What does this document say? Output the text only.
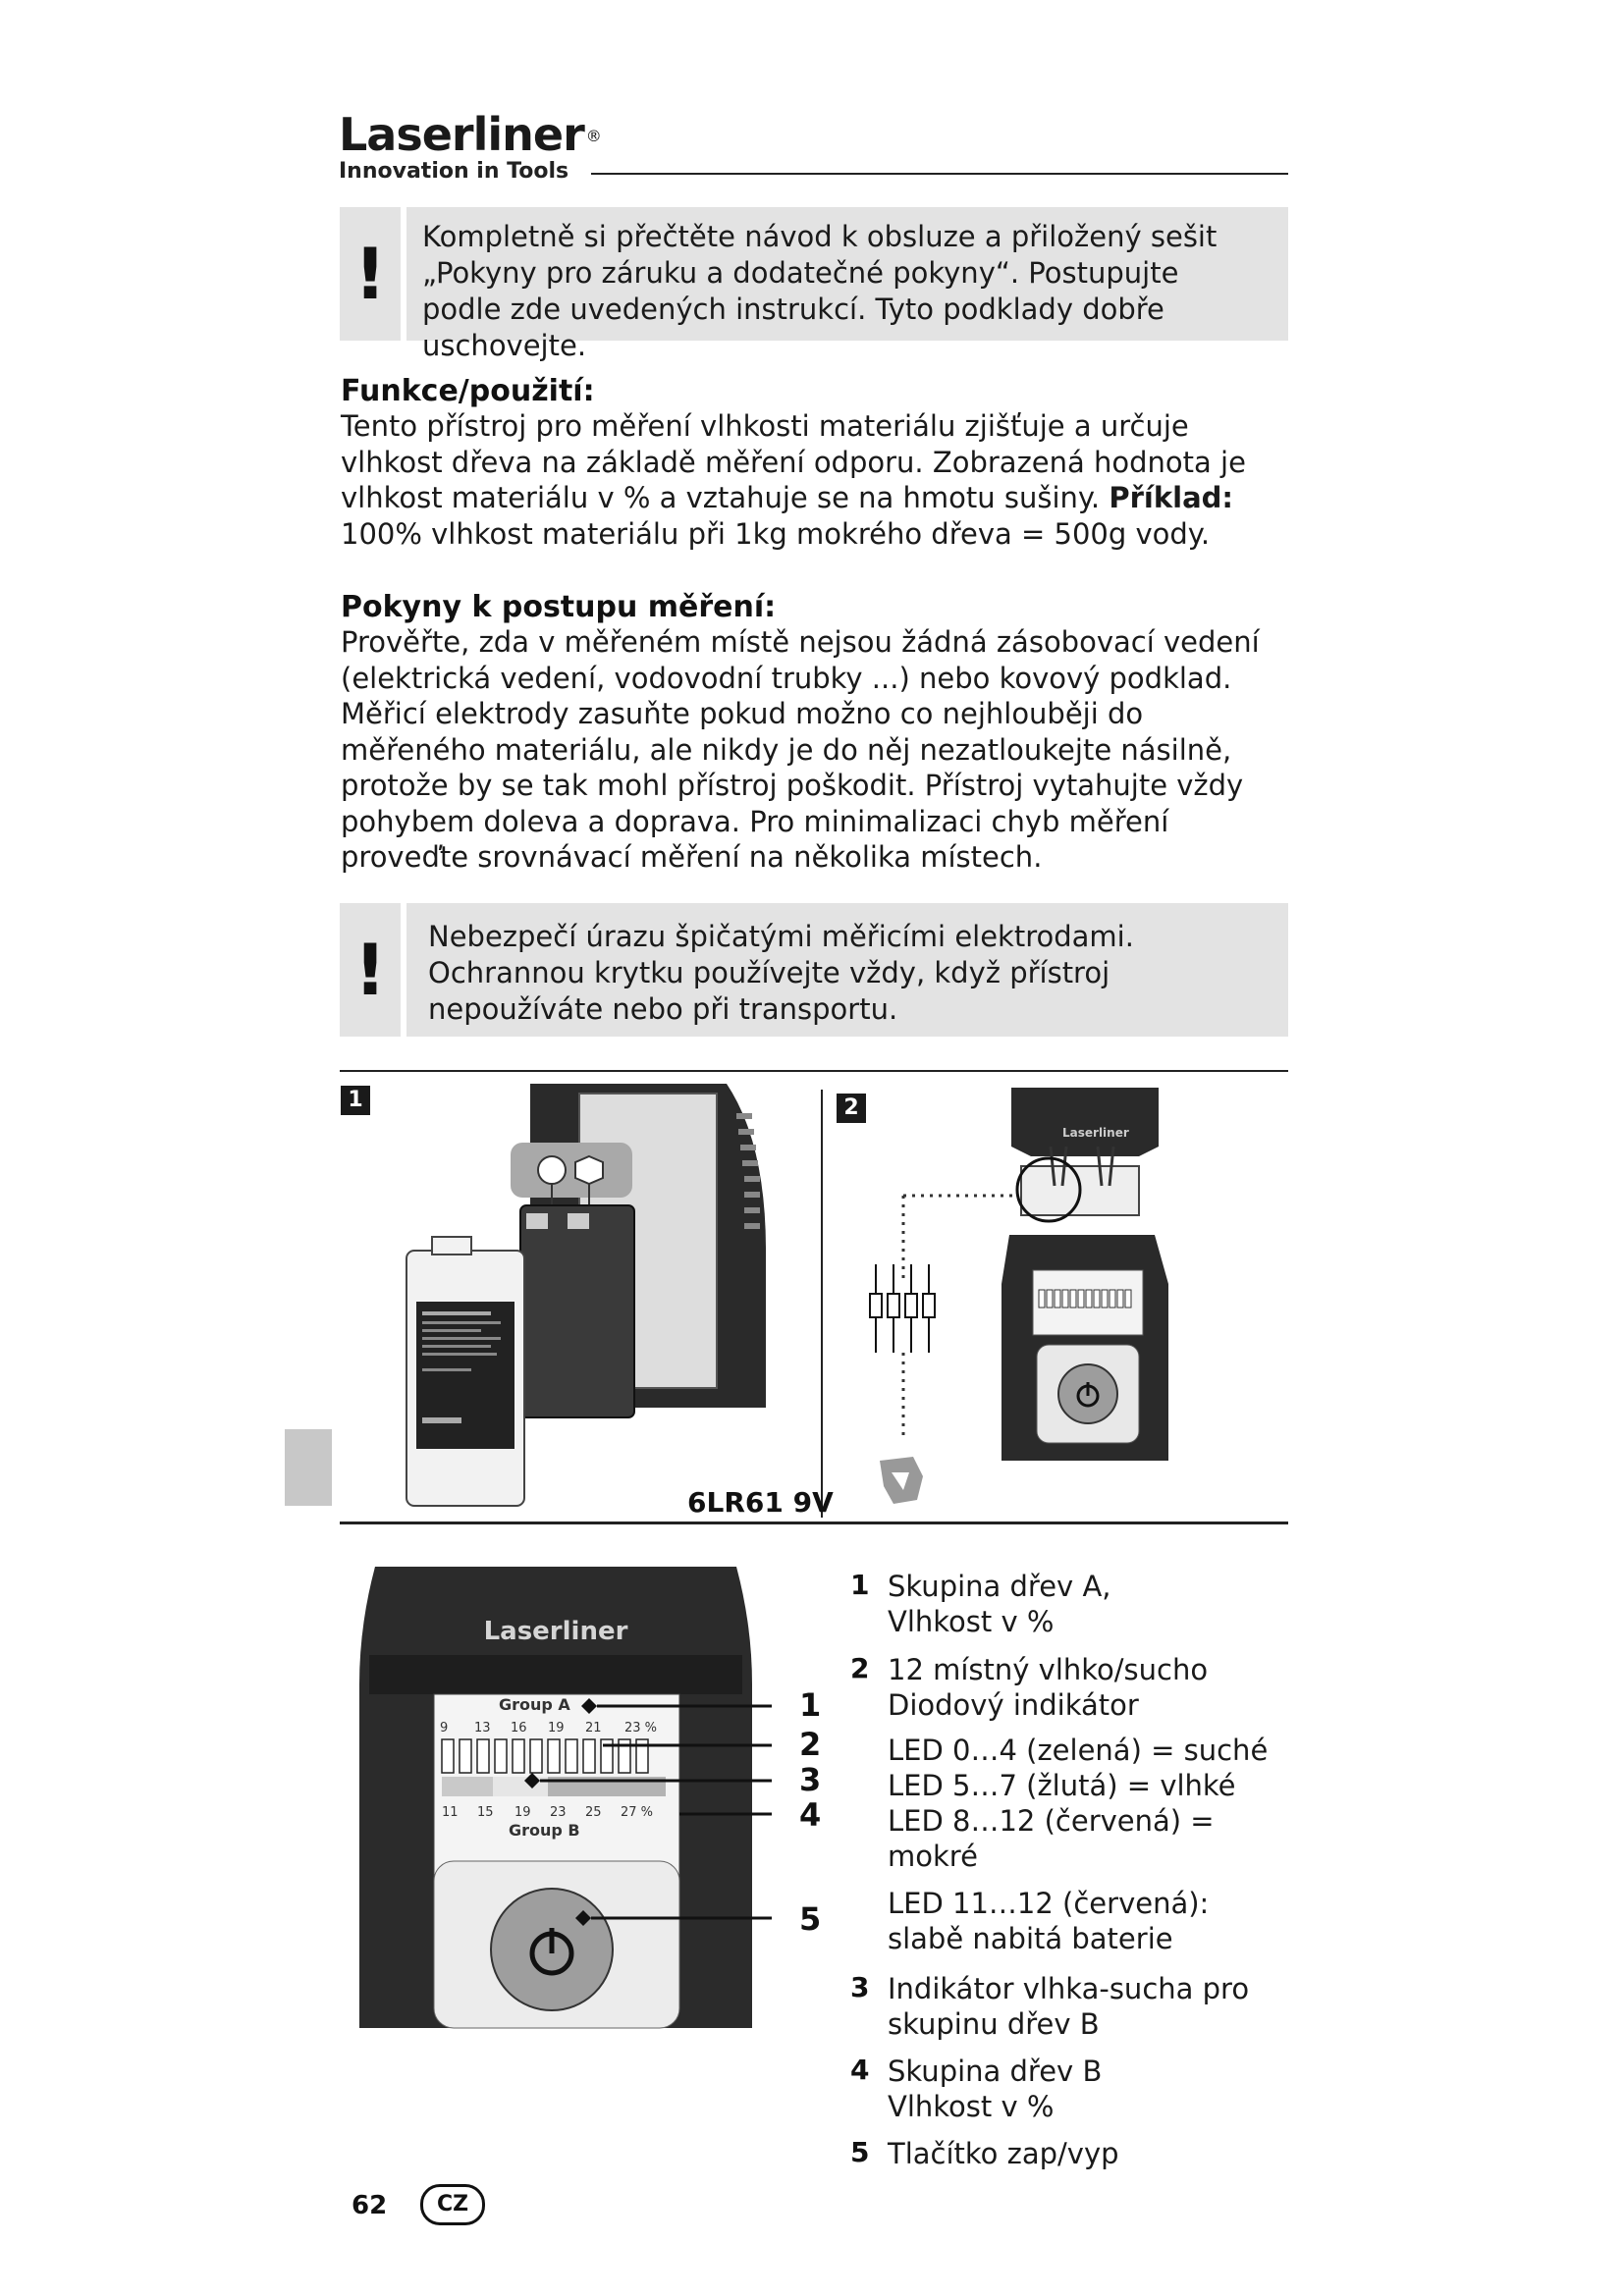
Laserliner ®
Innovation in Tools
!	Kompletně si přečtěte návod k obsluze a přiložený sešit „Pokyny pro záruku a dodatečné pokyny“. Postupujte podle zde uvedených instrukcí. Tyto podklady dobře uschovejte.
Funkce/použití:
Tento přístroj pro měření vlhkosti materiálu zjišťuje a určuje vlhkost dřeva na základě měření odporu. Zobrazená hodnota je vlhkost materiálu v % a vztahuje se na hmotu sušiny. Příklad: 100% vlhkost materiálu při 1kg mokrého dřeva = 500g vody.
Pokyny k postupu měření:
Prověřte, zda v měřeném místě nejsou žádná zásobovací vedení (elektrická vedení, vodovodní trubky ...) nebo kovový podklad. Měřicí elektrody zasuňte pokud možno co nejhlouběji do měřeného materiálu, ale nikdy je do něj nezatloukejte násilně, protože by se tak mohl přístroj poškodit. Přístroj vytahujte vždy pohybem doleva a doprava. Pro minimalizaci chyb měření proveďte srovnávací měření na několika místech.
!	Nebezpečí úrazu špičatými měřicími elektrodami. Ochrannou krytku používejte vždy, když přístroj nepoužíváte nebo při transportu.
1	2
6LR61 9V
Laserliner
Laserliner
Group A
9 13 16 19 21 23 %
11 15 19 23 25 27 %
Group B
1
2
3
4
5
1 Skupina dřev A,
Vlhkost v %
2 12 místný vlhko/sucho
Diodový indikátor
LED 0…4 (zelená) = suché
LED 5…7 (žlutá) = vlhké
LED 8…12 (červená) =
mokré
LED 11…12 (červená):
slabě nabitá baterie
3 Indikátor vlhka-sucha pro
skupinu dřev B
4 Skupina dřev B
Vlhkost v %
5 Tlačítko zap/vyp
62	CZ
